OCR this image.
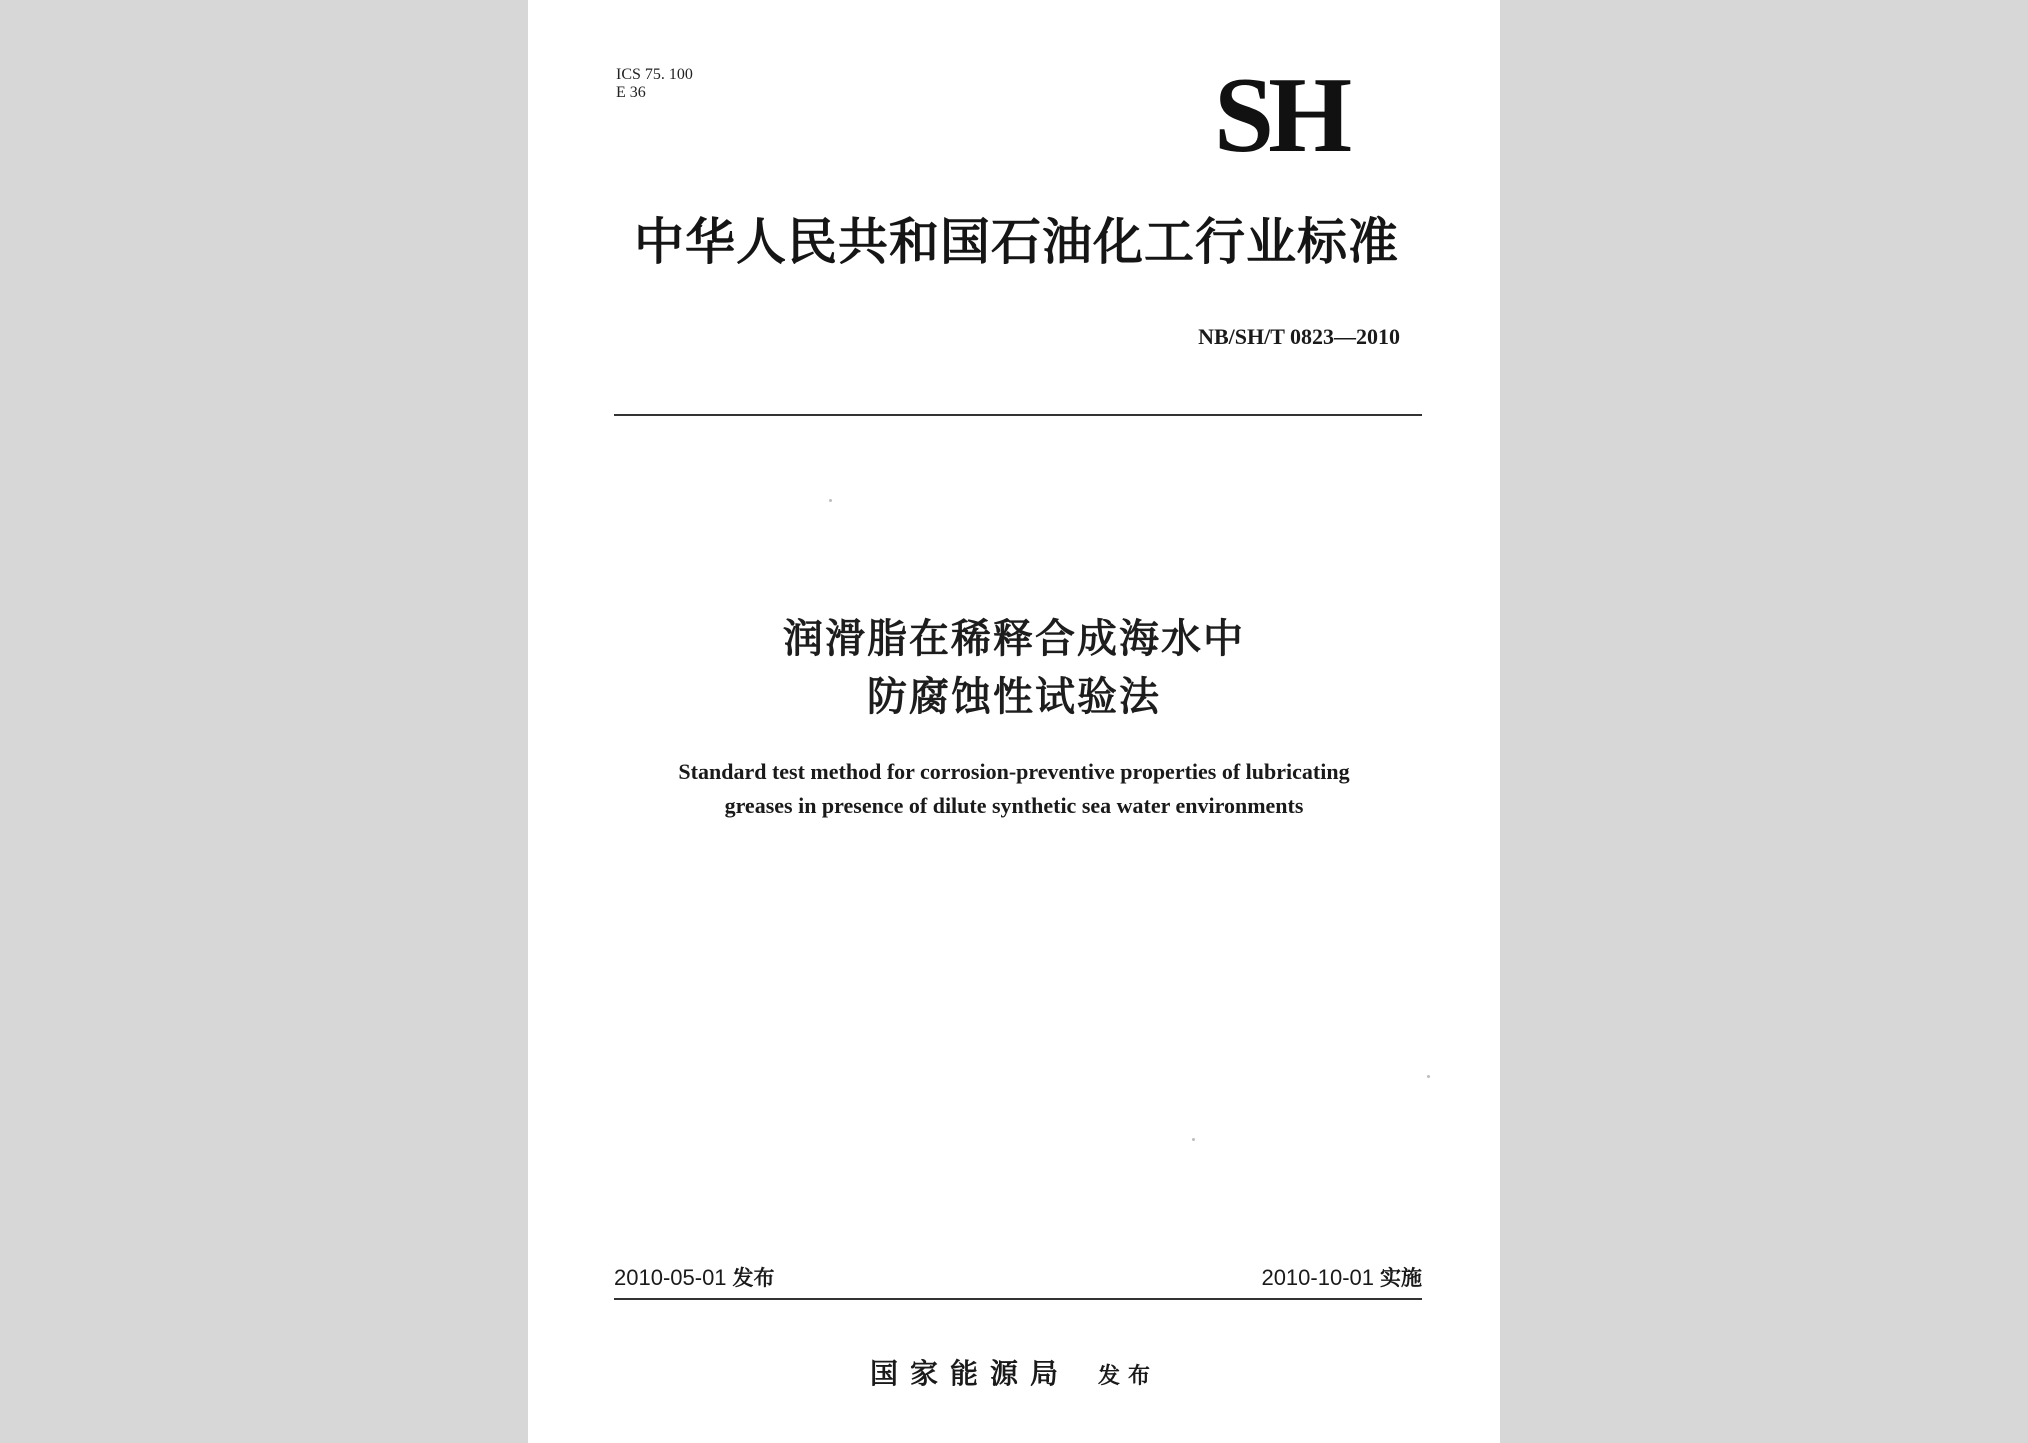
ICS 75. 100
E 36	SH
中华人民共和国石油化工行业标准
NB/SH/T 0823—2010
润滑脂在稀释合成海水中
防腐蚀性试验法
Standard test method for corrosion-preventive properties of lubricating
greases in presence of dilute synthetic sea water environments
2010-05-01 发布	2010-10-01 实施
国家能源局 发布
